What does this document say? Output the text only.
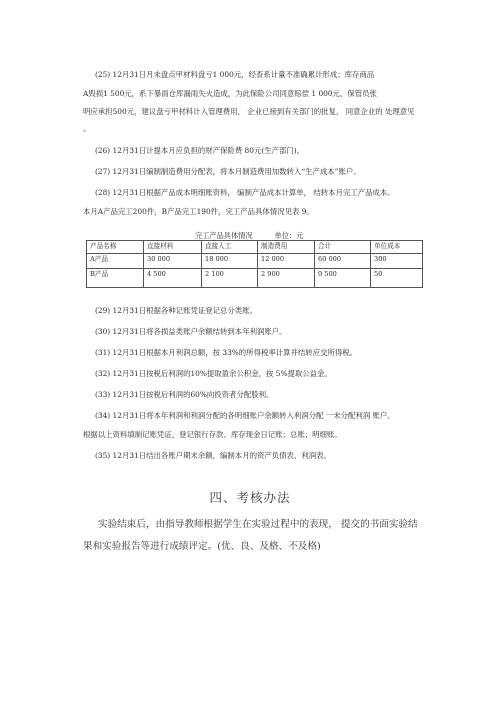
(25) 12月31日月末盘点甲材料盘亏1 000元，经查系计量不准确累计形成；库存商品
A毁损1 500元，系下暴雨仓库漏雨失火造成，为此保险公司同意赔偿 1 000元，保管员张
明应承担500元，建议盘亏甲材料计入管理费用， 企业已接到有关部门的批复， 同意企业的 处理意见
。
(26) 12月31日计提本月应负担的财产保险费 80元(生产部门)。
(27) 12月31日编制制造费用分配表，将本月制造费用加数转入“生产成本”账户。
(28) 12月31日根据产品成本明细账资料， 编制产品成本计算单， 结转本月完工产品成本。
本月A产品完工200件，B产品完工190件，完工产品具体情况见表 9。
完工产品具体情况	单位：元
产品名称	直接材料	直接人工	制造费用	合计	单位成本
A产品	30 000	18 000	12 000	60 000	300
B产品	4 500	2 100	2 900	9 500	50
(29) 12月31日根据各种记账凭证登记总分类账。
(30) 12月31日将各损益类账户余额结转到本年利润账户。
(31) 12月31日根据本月利润总额，按 33%的所得税率计算并结转应交所得税。
(32) 12月31日按税后利润的10%提取盈余公积金，按 5%提取公益金。
(33) 12月31日按税后利润的60%向投资者分配股利。
(34) 12月31日将本年利润和利润分配的各明细账户余额转入利润分配 一未分配利润 账户。
根据以上资料填制记账凭证，登记银行存款、库存现金日记账；总账；明细账。
(35) 12月31日结出各账户期末余额，编制本月的资产负债表、利润表。
四、考核办法
实验结束后，由指导教师根据学生在实验过程中的表现， 提交的书面实验结
果和实验报告等进行成绩评定。(优、良、及格、不及格)
